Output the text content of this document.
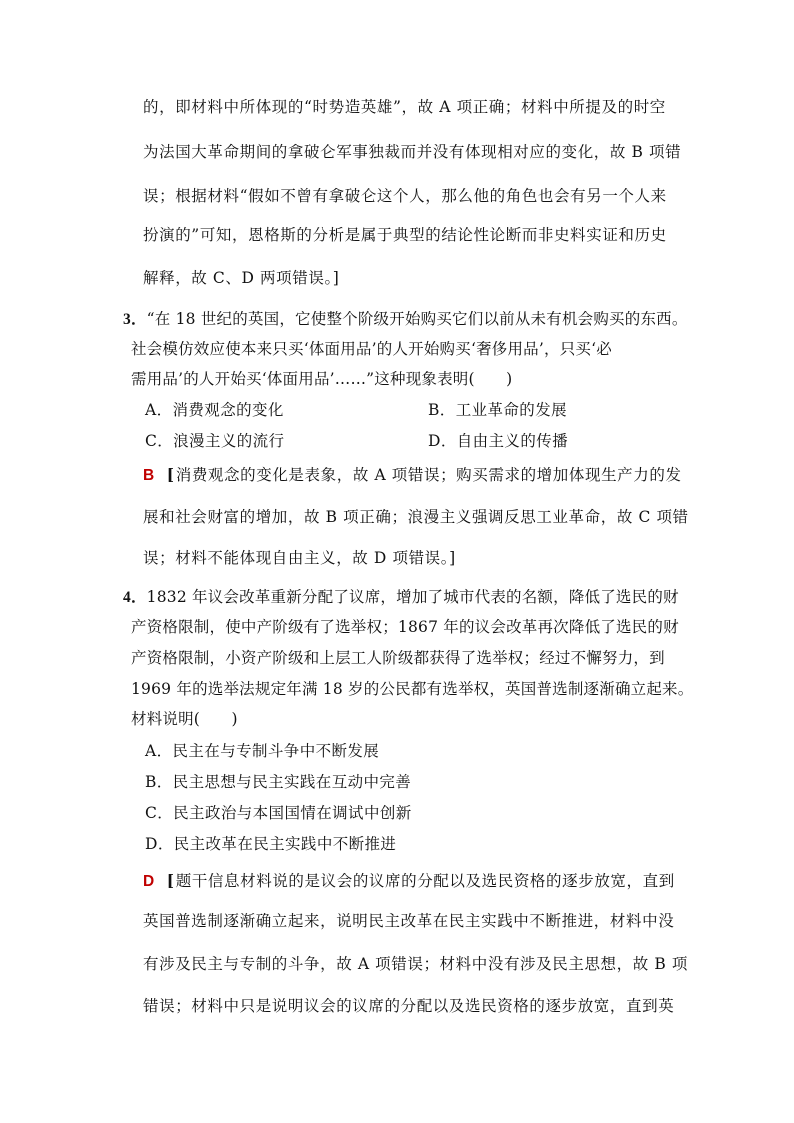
的，即材料中所体现的“时势造英雄”，故 A 项正确；材料中所提及的时空
为法国大革命期间的拿破仑军事独裁而并没有体现相对应的变化，故 B 项错
误；根据材料“假如不曾有拿破仑这个人，那么他的角色也会有另一个人来
扮演的”可知，恩格斯的分析是属于典型的结论性论断而非史料实证和历史
解释，故 C、D 两项错误。]
3．“在 18 世纪的英国，它使整个阶级开始购买它们以前从未有机会购买的东西。
社会模仿效应使本来只买‘体面用品’的人开始购买‘奢侈用品’，只买‘必
需用品’的人开始买‘体面用品’……”这种现象表明(　　)
A．消费观念的变化	B．工业革命的发展
C．浪漫主义的流行	D．自由主义的传播
B [消费观念的变化是表象，故 A 项错误；购买需求的增加体现生产力的发
展和社会财富的增加，故 B 项正确；浪漫主义强调反思工业革命，故 C 项错
误；材料不能体现自由主义，故 D 项错误。]
4．1832 年议会改革重新分配了议席，增加了城市代表的名额，降低了选民的财
产资格限制，使中产阶级有了选举权；1867 年的议会改革再次降低了选民的财
产资格限制，小资产阶级和上层工人阶级都获得了选举权；经过不懈努力，到
1969 年的选举法规定年满 18 岁的公民都有选举权，英国普选制逐渐确立起来。
材料说明(　　)
A．民主在与专制斗争中不断发展
B．民主思想与民主实践在互动中完善
C．民主政治与本国国情在调试中创新
D．民主改革在民主实践中不断推进
D [题干信息材料说的是议会的议席的分配以及选民资格的逐步放宽，直到
英国普选制逐渐确立起来，说明民主改革在民主实践中不断推进，材料中没
有涉及民主与专制的斗争，故 A 项错误；材料中没有涉及民主思想，故 B 项
错误；材料中只是说明议会的议席的分配以及选民资格的逐步放宽，直到英
